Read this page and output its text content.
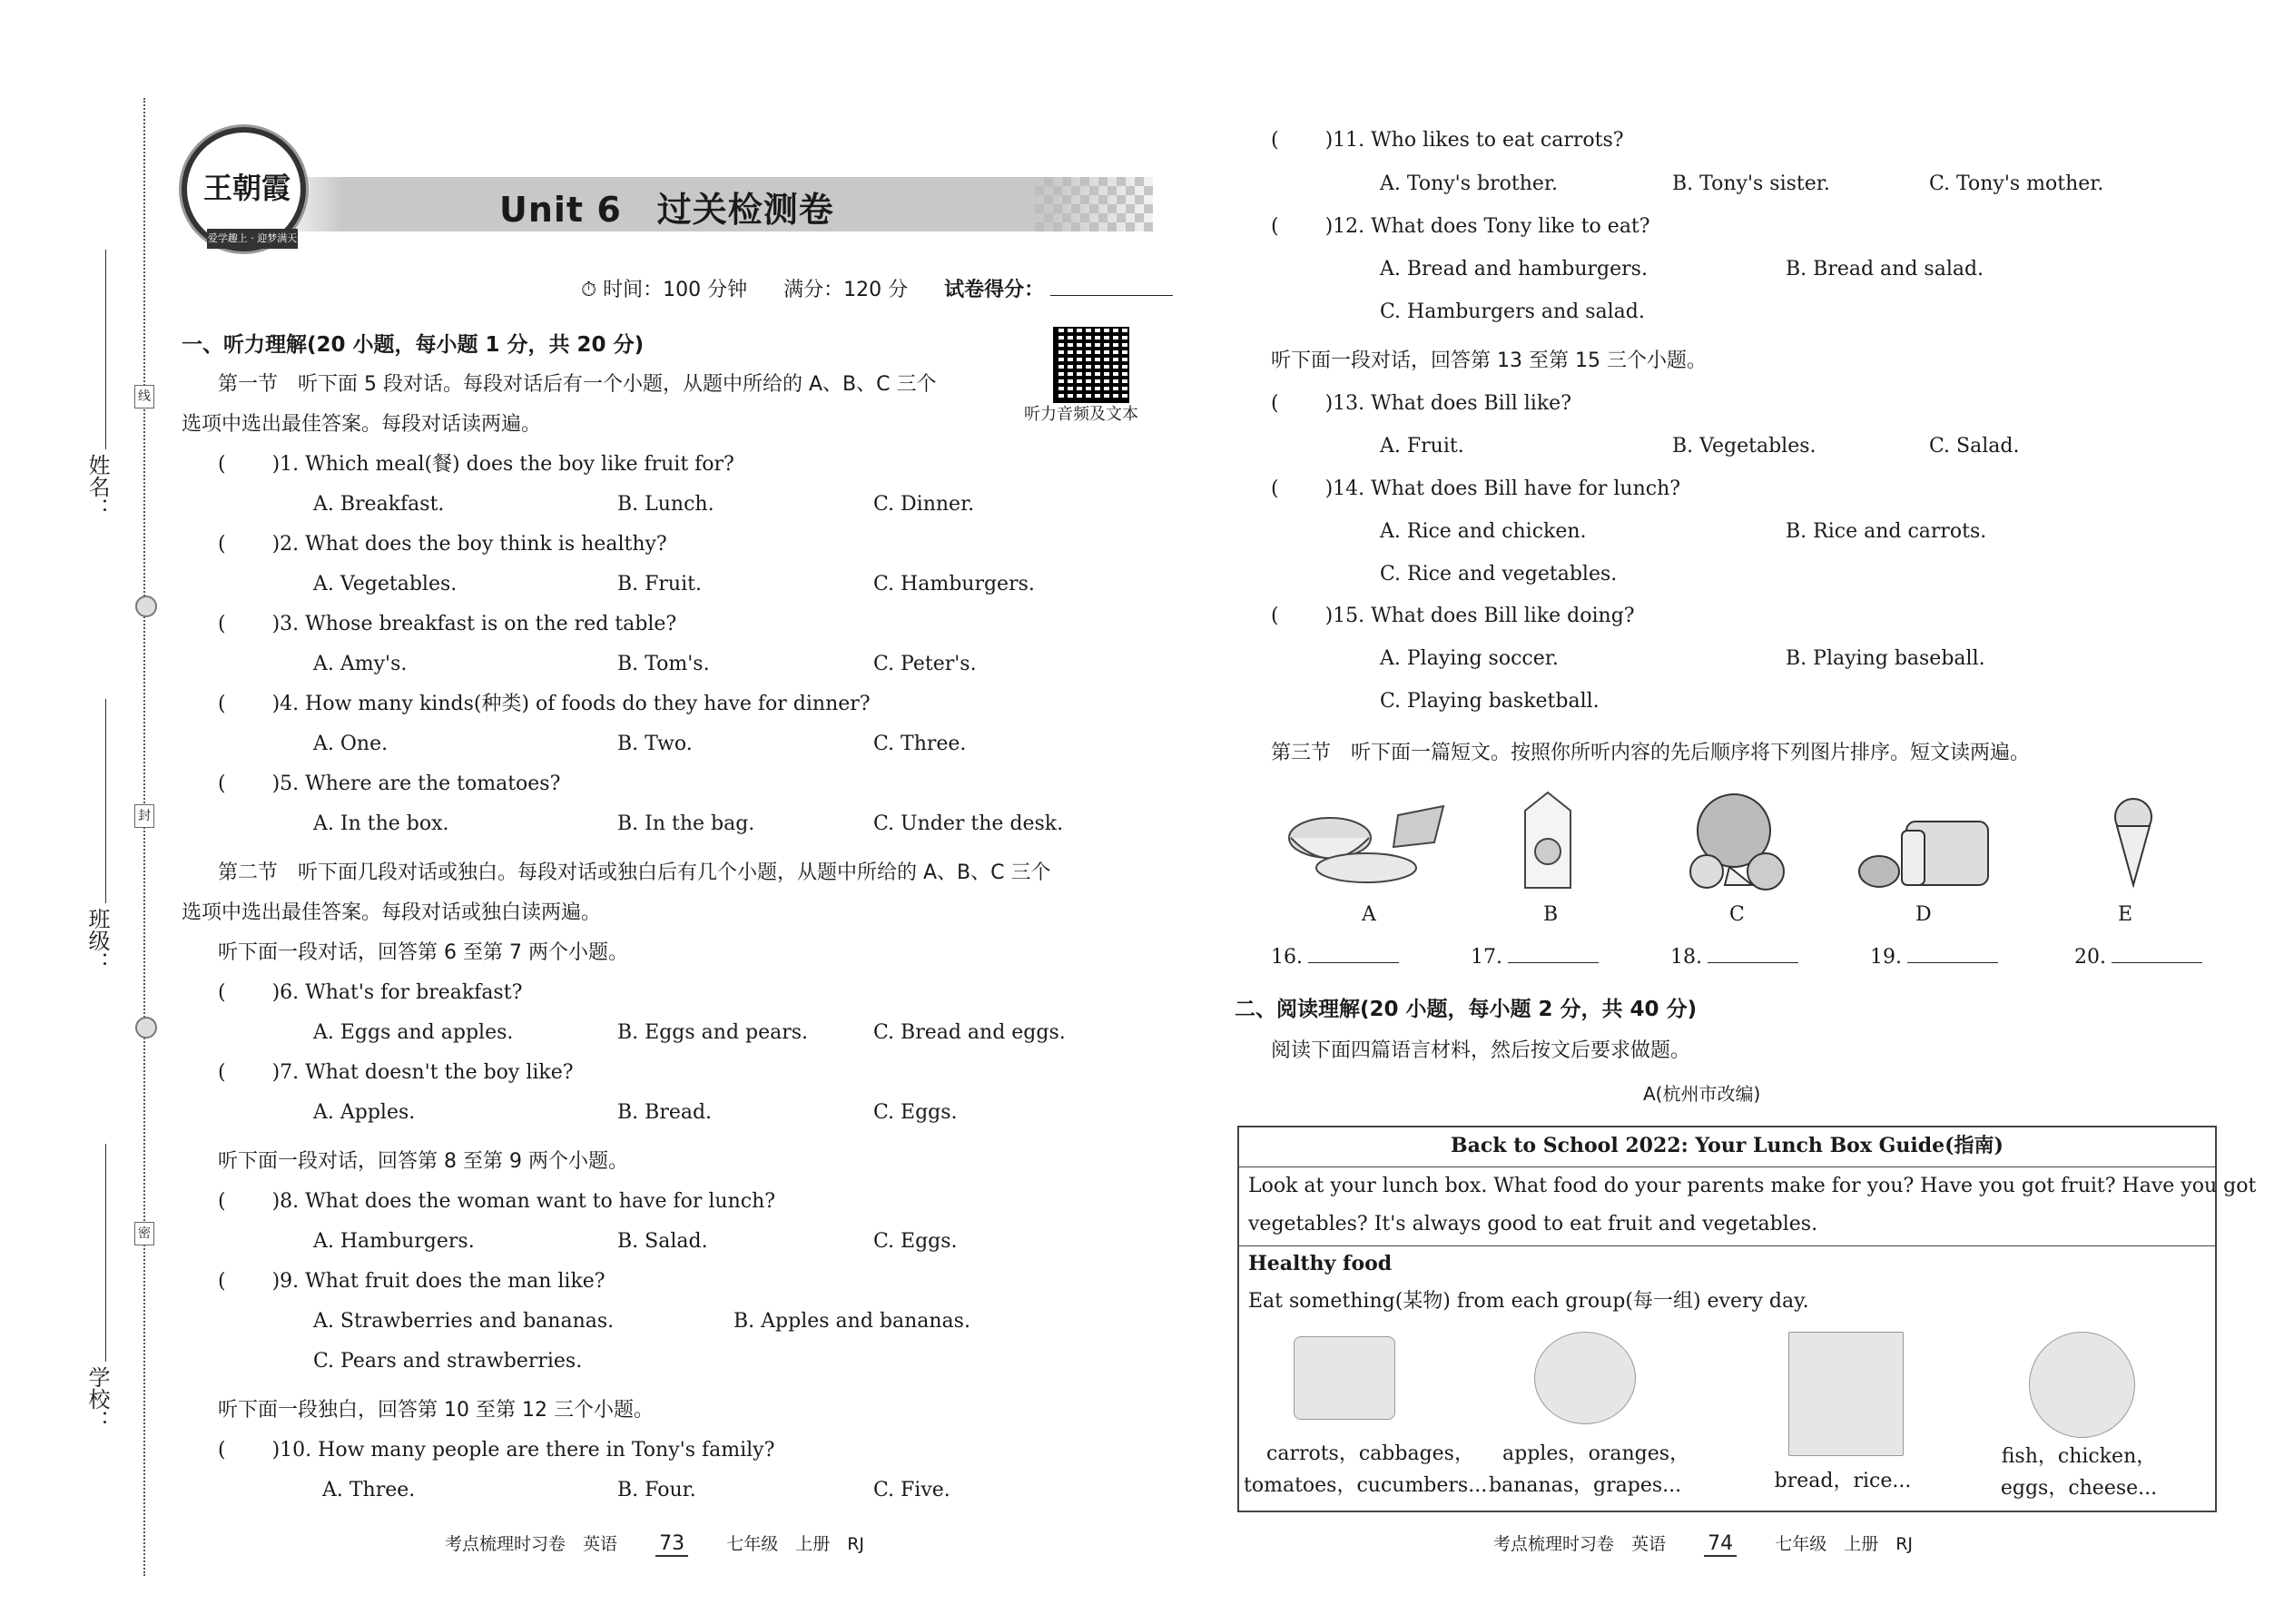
线
封
密
姓名：
班级：
学校：
王朝霞
爱学趣上 · 迎梦满天
Unit 6　过关检测卷
⏱ 时间：100 分钟 满分：120 分 试卷得分：
听力音频及文本
一、听力理解(20 小题，每小题 1 分，共 20 分)
第一节　听下面 5 段对话。每段对话后有一个小题，从题中所给的 A、B、C 三个
选项中选出最佳答案。每段对话读两遍。
( 　　)1. Which meal(餐) does the boy like fruit for?
A. Breakfast.	B. Lunch.	C. Dinner.
( 　　)2. What does the boy think is healthy?
A. Vegetables.	B. Fruit.	C. Hamburgers.
( 　　)3. Whose breakfast is on the red table?
A. Amy's.	B. Tom's.	C. Peter's.
( 　　)4. How many kinds(种类) of foods do they have for dinner?
A. One.	B. Two.	C. Three.
( 　　)5. Where are the tomatoes?
A. In the box.	B. In the bag.	C. Under the desk.
第二节　听下面几段对话或独白。每段对话或独白后有几个小题，从题中所给的 A、B、C 三个
选项中选出最佳答案。每段对话或独白读两遍。
听下面一段对话，回答第 6 至第 7 两个小题。
( 　　)6. What's for breakfast?
A. Eggs and apples.	B. Eggs and pears.	C. Bread and eggs.
( 　　)7. What doesn't the boy like?
A. Apples.	B. Bread.	C. Eggs.
听下面一段对话，回答第 8 至第 9 两个小题。
( 　　)8. What does the woman want to have for lunch?
A. Hamburgers.	B. Salad.	C. Eggs.
( 　　)9. What fruit does the man like?
A. Strawberries and bananas.	B. Apples and bananas.
C. Pears and strawberries.
听下面一段独白，回答第 10 至第 12 三个小题。
( 　　)10. How many people are there in Tony's family?
A. Three.	B. Four.	C. Five.
( 　　)11. Who likes to eat carrots?
A. Tony's brother.	B. Tony's sister.	C. Tony's mother.
( 　　)12. What does Tony like to eat?
A. Bread and hamburgers.	B. Bread and salad.
C. Hamburgers and salad.
听下面一段对话，回答第 13 至第 15 三个小题。
( 　　)13. What does Bill like?
A. Fruit.	B. Vegetables.	C. Salad.
( 　　)14. What does Bill have for lunch?
A. Rice and chicken.	B. Rice and carrots.
C. Rice and vegetables.
( 　　)15. What does Bill like doing?
A. Playing soccer.	B. Playing baseball.
C. Playing basketball.
第三节　听下面一篇短文。按照你所听内容的先后顺序将下列图片排序。短文读两遍。
A	B	C	D	E
16.	17.	18.	19.	20.
二、阅读理解(20 小题，每小题 2 分，共 40 分)
阅读下面四篇语言材料，然后按文后要求做题。
A(杭州市改编)
Back to School 2022: Your Lunch Box Guide(指南)
Look at your lunch box. What food do your parents make for you? Have you got fruit? Have you got
vegetables? It's always good to eat fruit and vegetables.
Healthy food
Eat something(某物) from each group(每一组) every day.
carrots，cabbages，
tomatoes，cucumbers...
apples，oranges，
bananas，grapes...	bread，rice...
fish，chicken，
eggs，cheese...
考点梳理时习卷　英语 73 七年级　上册　RJ	考点梳理时习卷　英语 74 七年级　上册　RJ
